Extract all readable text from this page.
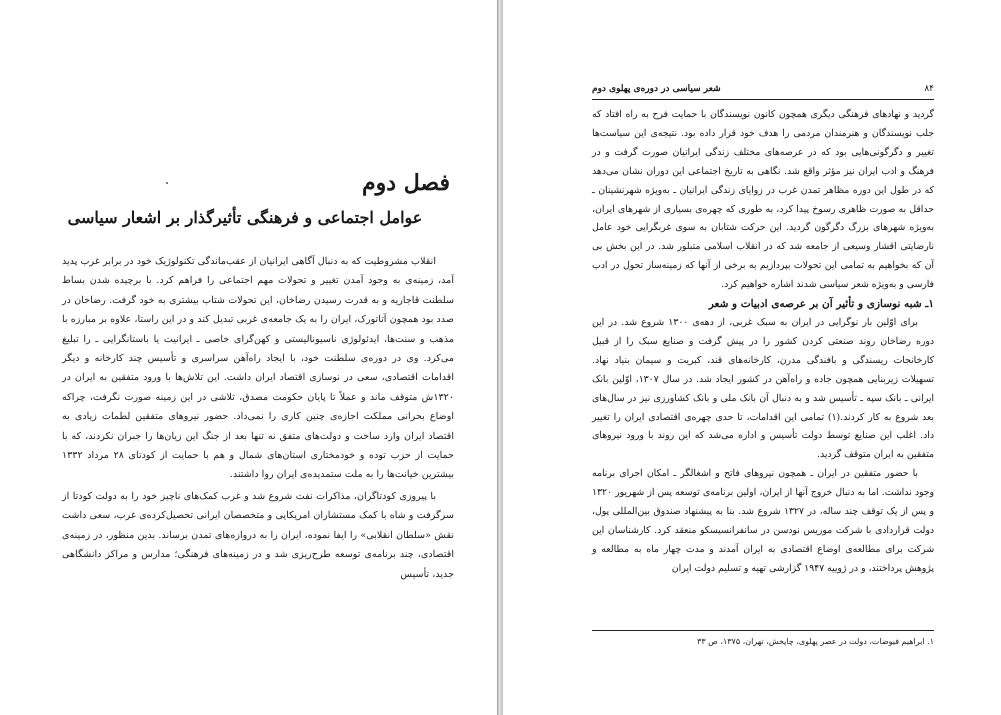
فصل دوم
عوامل اجتماعی و فرهنگی تأثیرگذار بر اشعار سیاسی

انقلاب مشروطیت که به دنبال آگاهی ایرانیان از عقب‌ماندگی تکنولوژیک خود در برابر غرب پدید آمد، زمینه‌ی به وجود آمدن تغییر و تحولات مهم اجتماعی را فراهم کرد. با برچیده شدن بساط سلطنت قاجاریه و به قدرت رسیدن رضاخان، این تحولات شتاب بیشتری به خود گرفت. رضاخان در صدد بود همچون آتاتورک، ایران را به یک جامعه‌ی غربی تبدیل کند و در این راستا، علاوه بر مبارزه با مذهب و سنت‌ها، ایدئولوژی ناسیونالیستی و کهن‌گرای خاصی ـ ایرانیت یا باستانگرایی ـ را تبلیغ می‌کرد. وی در دوره‌ی سلطنت خود، با ایجاد راه‌آهن سراسری و تأسیس چند کارخانه و دیگر اقدامات اقتصادی، سعی در نوسازی اقتصاد ایران داشت. این تلاش‌ها با ورود متفقین به ایران در ۱۳۲۰ش متوقف ماند و عملاً تا پایان حکومت مصدق، تلاشی در این زمینه صورت نگرفت، چراکه اوضاع بحرانی مملکت اجازه‌ی چنین کاری را نمی‌داد. حضور نیروهای متفقین لطمات زیادی به اقتصاد ایران وارد ساخت و دولت‌های متفق نه تنها بعد از جنگ این زیان‌ها را جبران نکردند، که با حمایت از حزب توده و خودمختاری استان‌های شمال و هم با حمایت از کودتای ۲۸ مرداد ۱۳۳۲ بیشترین خیانت‌ها را به ملت ستمدیده‌ی ایران روا داشتند.

با پیروزی کودتاگران، مذاکرات نفت شروع شد و غرب کمک‌های ناچیز خود را به دولت کودتا از سرگرفت و شاه با کمک مستشاران امریکایی و متخصصان ایرانی تحصیل‌کرده‌ی غرب، سعی داشت نقش «سلطان انقلابی» را ایفا نموده، ایران را به دروازه‌های تمدن برساند. بدین منظور، در زمینه‌ی اقتصادی، چند برنامه‌ی توسعه طرح‌ریزی شد و در زمینه‌های فرهنگی؛ مدارس و مراکز دانشگاهی جدید، تأسیس

شعر سیاسی در دوره‌ی پهلوی دوم	۸۴

گردید و نهادهای فرهنگی دیگری همچون کانون نویسندگان با حمایت فرح به راه افتاد که جلب نویسندگان و هنرمندان مردمی را هدف خود قرار داده بود. نتیجه‌ی این سیاست‌ها تغییر و دگرگونی‌هایی بود که در عرصه‌های مختلف زندگی ایرانیان صورت گرفت و در فرهنگ و ادب ایران نیز مؤثر واقع شد. نگاهی به تاریخ اجتماعی این دوران نشان می‌دهد که در طول این دوره مظاهر تمدن غرب در زوایای زندگی ایرانیان ـ به‌ویژه شهرنشینان ـ حداقل به صورت ظاهری رسوخ پیدا کرد، به طوری که چهره‌ی بسیاری از شهرهای ایران، به‌ویژه شهرهای بزرگ دگرگون گردید. این حرکت شتابان به سوی غربگرایی خود عامل نارضایتی اقشار وسیعی از جامعه شد که در انقلاب اسلامی متبلور شد. در این بخش بی آن که بخواهیم به تمامی این تحولات بپردازیم به برخی از آنها که زمینه‌ساز تحول در ادب فارسی و به‌ویژه شعر سیاسی شدند اشاره خواهیم کرد.

۱ـ شبه نوسازی و تأثیر آن بر عرصه‌ی ادبیات و شعر

برای اوّلین بار نوگرایی در ایران به سبک غربی، از دهه‌ی ۱۳۰۰ شروع شد. در این دوره رضاخان روند صنعتی کردن کشور را در پیش گرفت و صنایع سبک را از قبیل کارخانجات ریسندگی و بافندگی مدرن، کارخانه‌های قند، کبریت و سیمان بنیاد نهاد. تسهیلات زیربنایی همچون جاده و راه‌آهن در کشور ایجاد شد. در سال ۱۳۰۷، اوّلین بانک ایرانی ـ بانک سپه ـ تأسیس شد و به دنبال آن بانک ملی و بانک کشاورزی نیز در سال‌های بعد شروع به کار کردند.(۱) تمامی این اقدامات، تا حدی چهره‌ی اقتصادی ایران را تغییر داد. اغلب این صنایع توسط دولت تأسیس و اداره می‌شد که این روند با ورود نیروهای متفقین به ایران متوقف گردید.

با حضور متفقین در ایران ـ همچون نیروهای فاتح و اشغالگر ـ امکان اجرای برنامه وجود نداشت. اما به دنبال خروج آنها از ایران، اولین برنامه‌ی توسعه پس از شهریور ۱۳۲۰ و پس از یک توقف چند ساله، در ۱۳۲۷ شروع شد. بنا به پیشنهاد صندوق بین‌المللی پول، دولت قراردادی با شرکت موریس نودسن در سانفرانسیسکو منعقد کرد. کارشناسان این شرکت برای مطالعه‌ی اوضاع اقتصادی به ایران آمدند و مدت چهار ماه به مطالعه و پژوهش پرداختند، و در ژوییه ۱۹۴۷ گزارشی تهیه و تسلیم دولت ایران

۱. ابراهیم فیوضات، دولت در عصر پهلوی، چاپخش، تهران، ۱۳۷۵، ص ۳۳
